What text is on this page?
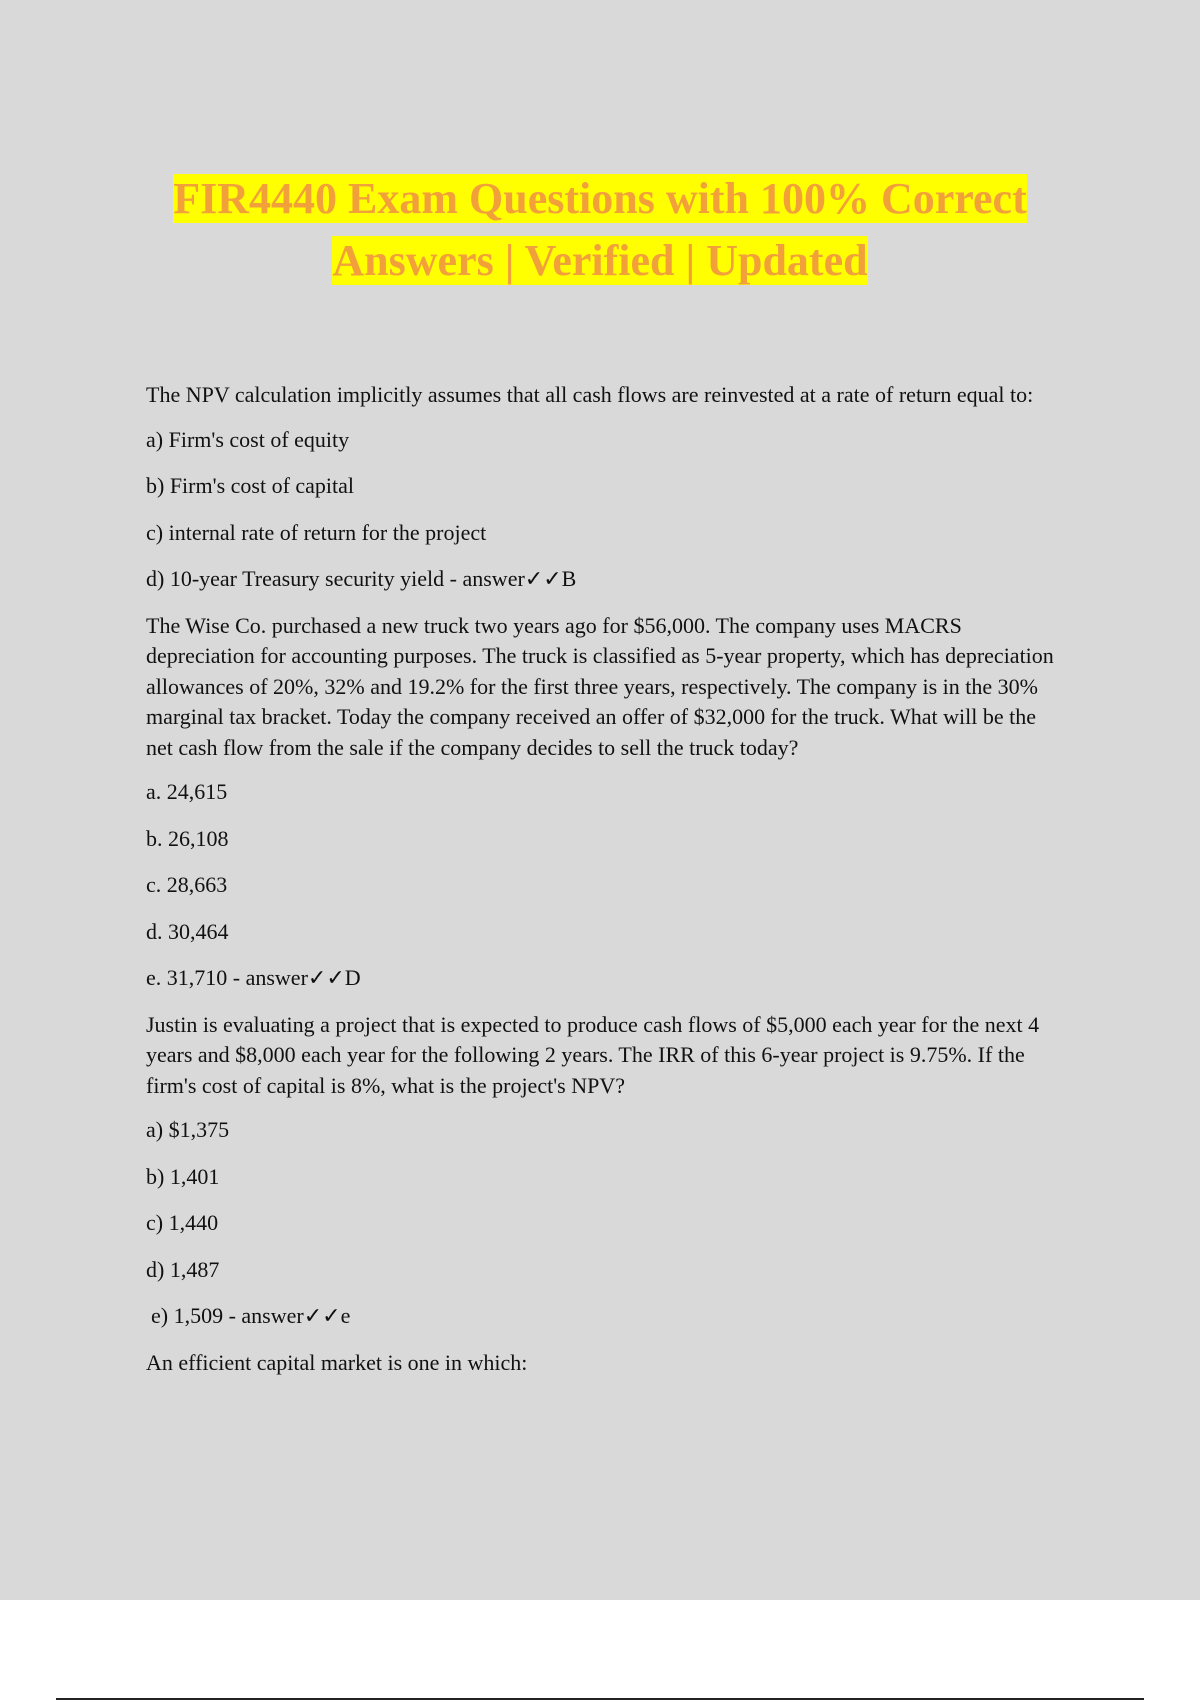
FIR4440 Exam Questions with 100% Correct
Answers | Verified | Updated

The NPV calculation implicitly assumes that all cash flows are reinvested at a rate of return equal to:

a) Firm's cost of equity

b) Firm's cost of capital

c) internal rate of return for the project

d) 10-year Treasury security yield - answer✓✓B

The Wise Co. purchased a new truck two years ago for $56,000. The company uses MACRS depreciation for accounting purposes. The truck is classified as 5-year property, which has depreciation allowances of 20%, 32% and 19.2% for the first three years, respectively. The company is in the 30% marginal tax bracket. Today the company received an offer of $32,000 for the truck. What will be the net cash flow from the sale if the company decides to sell the truck today?

a. 24,615

b. 26,108

c. 28,663

d. 30,464

e. 31,710 - answer✓✓D

Justin is evaluating a project that is expected to produce cash flows of $5,000 each year for the next 4 years and $8,000 each year for the following 2 years. The IRR of this 6-year project is 9.75%. If the firm's cost of capital is 8%, what is the project's NPV?

a) $1,375

b) 1,401

c) 1,440

d) 1,487

e) 1,509 - answer✓✓e

An efficient capital market is one in which:
